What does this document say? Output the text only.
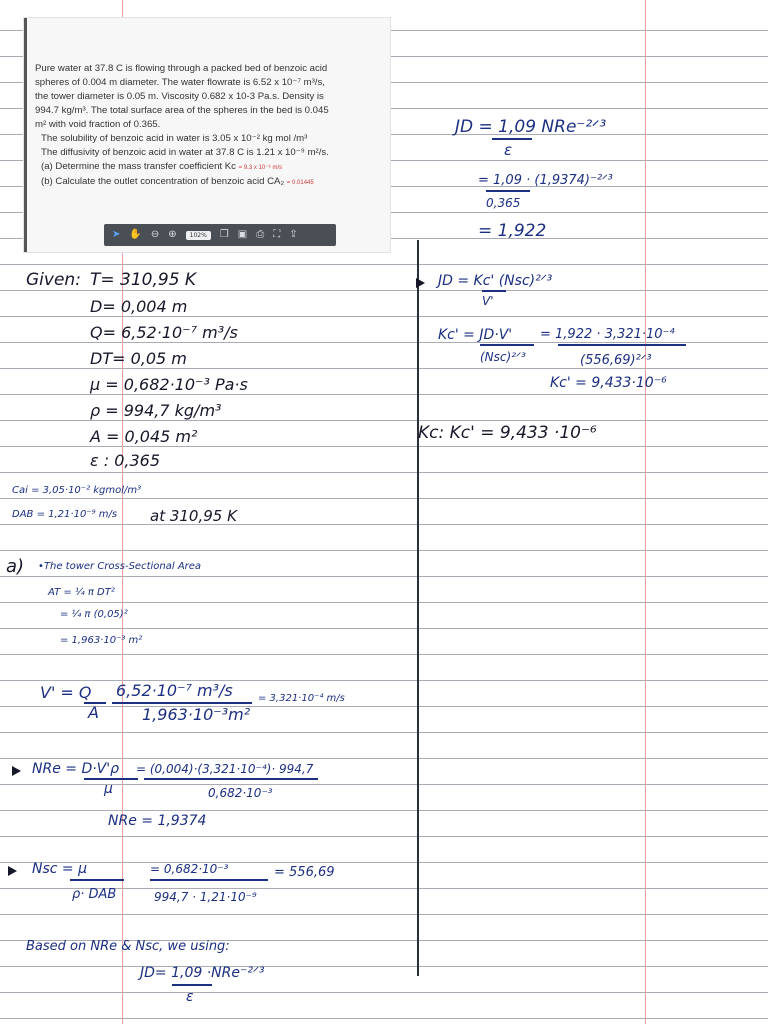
Pure water at 37.8 C is flowing through a packed bed of benzoic acid

spheres of 0.004 m diameter. The water flowrate is 6.52 x 10⁻⁷ m³/s,

the tower diameter is 0.05 m. Viscosity 0.682 x 10-3 Pa.s. Density is

994.7 kg/m³. The total surface area of the spheres in the bed is 0.045

m² with void fraction of 0.365.

The solubility of benzoic acid in water is 3.05 x 10⁻² kg mol /m³

The diffusivity of benzoic acid in water at 37.8 C is 1.21 x 10⁻⁹ m²/s.

(a) Determine the mass transfer coefficient Kc = 9.3 x 10⁻⁶ m/s

(b) Calculate the outlet concentration of benzoic acid CA₂ = 0.01445

➤ ✋ ⊖ ⊕	102%	❐ ▣ ⎙ ⛶ ⇪
Given: T= 310,95 K
D= 0,004 m
Q= 6,52·10⁻⁷ m³/s
DT= 0,05 m
μ = 0,682·10⁻³ Pa·s
ρ = 994,7 kg/m³
A = 0,045 m²
ε : 0,365
Cai = 3,05·10⁻² kgmol/m³
DAB = 1,21·10⁻⁹ m/s at 310,95 K
a) •The tower Cross-Sectional Area
AT = ¼ π DT²
= ¼ π (0,05)²
= 1,963·10⁻³ m²
V' = Q
A
6,52·10⁻⁷ m³/s
1,963·10⁻³m²
= 3,321·10⁻⁴ m/s
NRe = D·V'ρ
μ
= (0,004)·(3,321·10⁻⁴)· 994,7
0,682·10⁻³
NRe = 1,9374
Nsc = μ
ρ· DAB
= 0,682·10⁻³
994,7 · 1,21·10⁻⁹
= 556,69
Based on NRe & Nsc, we using:
JD= 1,09 ·NRe⁻²ᐟ³
ε
JD = 1,09 NRe⁻²ᐟ³
ε
= 1,09 · (1,9374)⁻²ᐟ³
0,365
= 1,922
JD = Kc' (Nsc)²ᐟ³
V'
Kc' = JD·V'
(Nsc)²ᐟ³
= 1,922 · 3,321·10⁻⁴
(556,69)²ᐟ³
Kc' = 9,433·10⁻⁶
Kc: Kc' = 9,433 ·10⁻⁶
